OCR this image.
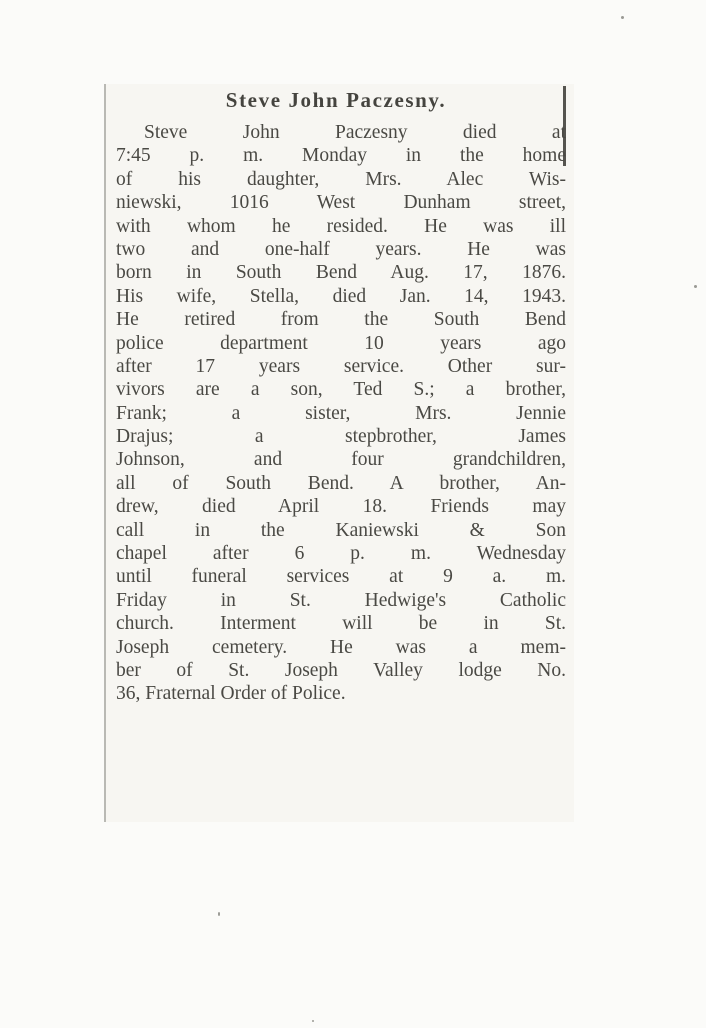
Steve John Paczesny.
Steve John Paczesny died at
7:45 p. m. Monday in the home
of his daughter, Mrs. Alec Wis-
niewski, 1016 West Dunham street,
with whom he resided. He was ill
two and one-half years. He was
born in South Bend Aug. 17, 1876.
His wife, Stella, died Jan. 14, 1943.
He retired from the South Bend
police department 10 years ago
after 17 years service. Other sur-
vivors are a son, Ted S.; a brother,
Frank; a sister, Mrs. Jennie
Drajus; a stepbrother, James
Johnson, and four grandchildren,
all of South Bend. A brother, An-
drew, died April 18. Friends may
call in the Kaniewski & Son
chapel after 6 p. m. Wednesday
until funeral services at 9 a. m.
Friday in St. Hedwige's Catholic
church. Interment will be in St.
Joseph cemetery. He was a mem-
ber of St. Joseph Valley lodge No.
36, Fraternal Order of Police.
